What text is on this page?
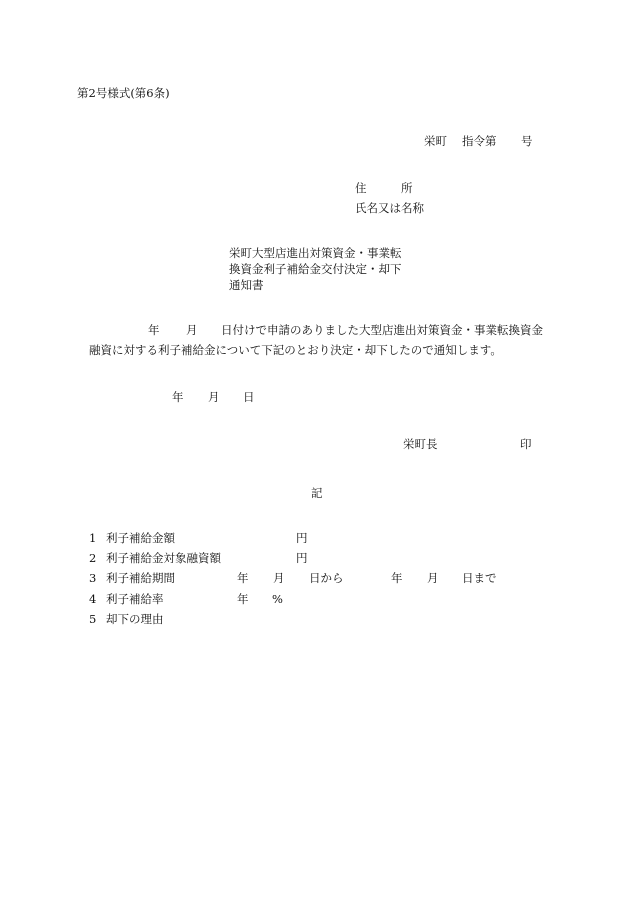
第2号様式(第6条)
栄町 指令第 号
住　　　所
氏名又は名称
栄町大型店進出対策資金・事業転
換資金利子補給金交付決定・却下
通知書
年 月 日付けで申請のありました大型店進出対策資金・事業転換資金
融資に対する利子補給金について下記のとおり決定・却下したので通知します。
年 月 日
栄町長	印
記
1 利子補給金額	円
2 利子補給金対象融資額	円
3 利子補給期間	年 月 日から	年 月 日まで
4 利子補給率	年 %
5 却下の理由
